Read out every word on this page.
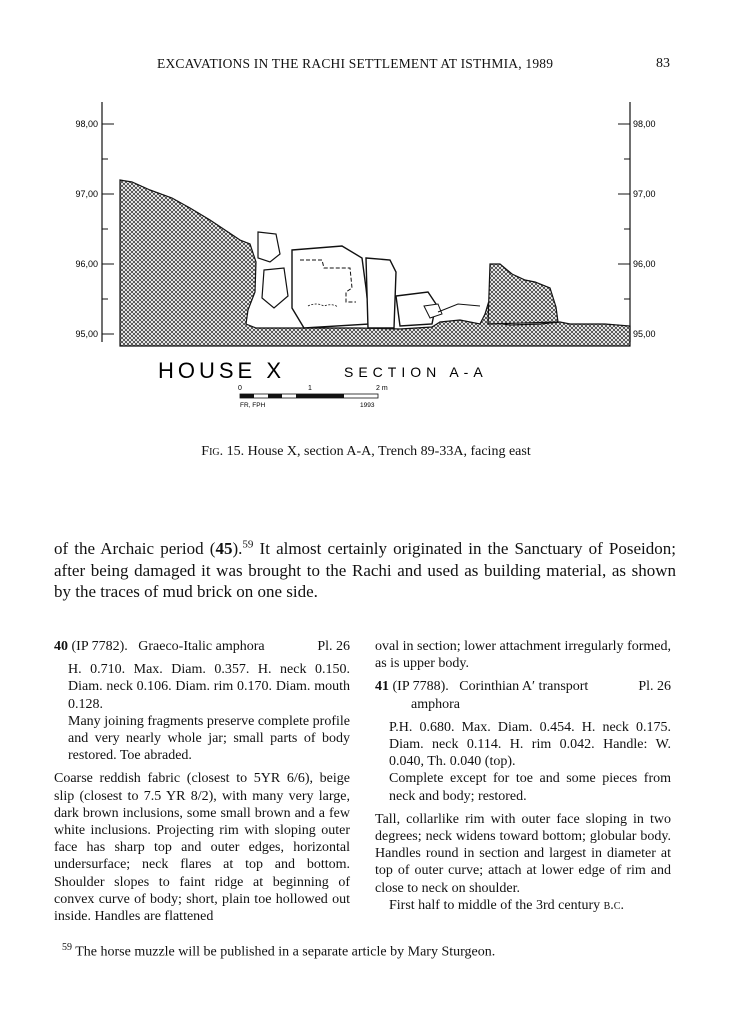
EXCAVATIONS IN THE RACHI SETTLEMENT AT ISTHMIA, 1989	83
98,00
97,00
96,00
95,00
98,00
97,00
96,00
95,00
HOUSE X	SECTION A-A
0	1	2 m
FR, FPH	1993
Fig. 15. House X, section A-A, Trench 89-33A, facing east
of the Archaic period (45).$^{59}$ It almost certainly originated in the Sanctuary of Poseidon; after being damaged it was brought to the Rachi and used as building material, as shown by the traces of mud brick on one side.

40 (IP 7782). Graeco-Italic amphora	Pl. 26

H. 0.710. Max. Diam. 0.357. H. neck 0.150. Diam. neck 0.106. Diam. rim 0.170. Diam. mouth 0.128.

Many joining fragments preserve complete profile and very nearly whole jar; small parts of body restored. Toe abraded.

Coarse reddish fabric (closest to 5YR 6/6), beige slip (closest to 7.5 YR 8/2), with many very large, dark brown inclusions, some small brown and a few white inclusions. Projecting rim with sloping outer face has sharp top and outer edges, horizontal undersurface; neck flares at top and bottom. Shoulder slopes to faint ridge at beginning of convex curve of body; short, plain toe hollowed out inside. Handles are flattened

oval in section; lower attachment irregularly formed, as is upper body.

41 (IP 7788). Corinthian A′ transport	Pl. 26

amphora

P.H. 0.680. Max. Diam. 0.454. H. neck 0.175. Diam. neck 0.114. H. rim 0.042. Handle: W. 0.040, Th. 0.040 (top).

Complete except for toe and some pieces from neck and body; restored.

Tall, collarlike rim with outer face sloping in two degrees; neck widens toward bottom; globular body. Handles round in section and largest in diameter at top of outer curve; attach at lower edge of rim and close to neck on shoulder.

First half to middle of the 3rd century b.c.

$^{59}$ The horse muzzle will be published in a separate article by Mary Sturgeon.
